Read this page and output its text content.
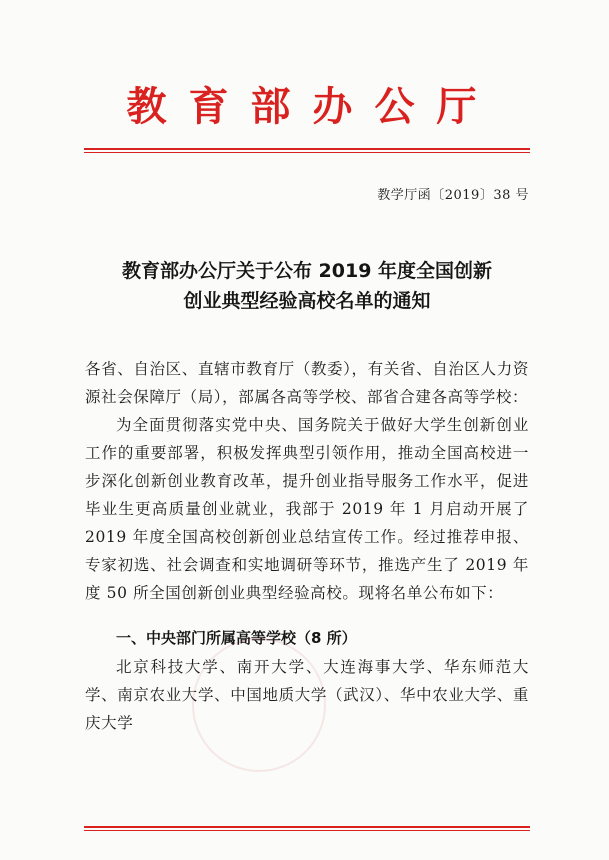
教育部办公厅
教学厅函〔2019〕38 号
教育部办公厅关于公布 2019 年度全国创新
创业典型经验高校名单的通知
各省、自治区、直辖市教育厅（教委），有关省、自治区人力资源社会保障厅（局），部属各高等学校、部省合建各高等学校：
为全面贯彻落实党中央、国务院关于做好大学生创新创业工作的重要部署，积极发挥典型引领作用，推动全国高校进一步深化创新创业教育改革，提升创业指导服务工作水平，促进毕业生更高质量创业就业，我部于 2019 年 1 月启动开展了 2019 年度全国高校创新创业总结宣传工作。经过推荐申报、专家初选、社会调查和实地调研等环节，推选产生了 2019 年度 50 所全国创新创业典型经验高校。现将名单公布如下：
一、中央部门所属高等学校（8 所）
北京科技大学、南开大学、大连海事大学、华东师范大学、南京农业大学、中国地质大学（武汉）、华中农业大学、重庆大学
